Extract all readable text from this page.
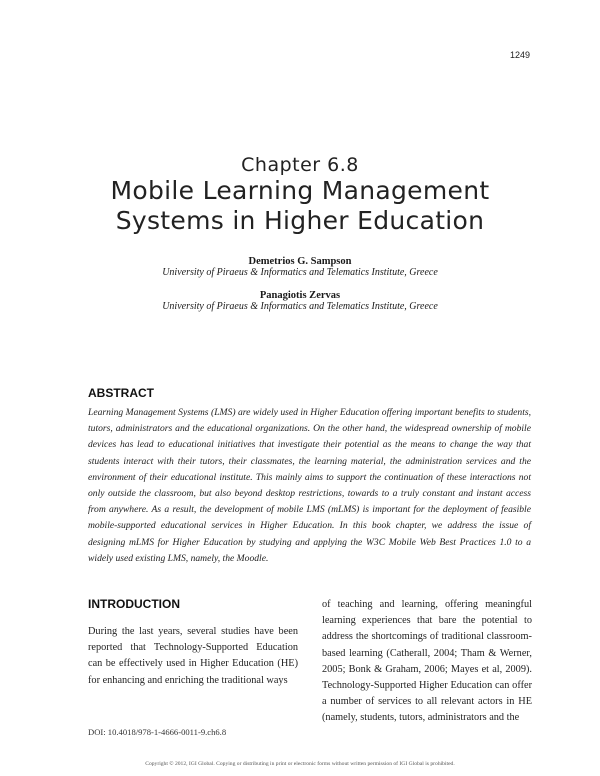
1249
Chapter 6.8
Mobile Learning Management
Systems in Higher Education
Demetrios G. Sampson
University of Piraeus & Informatics and Telematics Institute, Greece
Panagiotis Zervas
University of Piraeus & Informatics and Telematics Institute, Greece
ABSTRACT
Learning Management Systems (LMS) are widely used in Higher Education offering important benefits to students, tutors, administrators and the educational organizations. On the other hand, the widespread ownership of mobile devices has lead to educational initiatives that investigate their potential as the means to change the way that students interact with their tutors, their classmates, the learning material, the administration services and the environment of their educational institute. This mainly aims to support the continuation of these interactions not only outside the classroom, but also beyond desktop restrictions, towards to a truly constant and instant access from anywhere. As a result, the development of mobile LMS (mLMS) is important for the deployment of feasible mobile-supported educational services in Higher Education. In this book chapter, we address the issue of designing mLMS for Higher Education by studying and applying the W3C Mobile Web Best Practices 1.0 to a widely used existing LMS, namely, the Moodle.
INTRODUCTION
During the last years, several studies have been reported that Technology-Supported Education can be effectively used in Higher Education (HE) for enhancing and enriching the traditional ways
of teaching and learning, offering meaningful learning experiences that bare the potential to address the shortcomings of traditional classroom-based learning (Catherall, 2004; Tham & Werner, 2005; Bonk & Graham, 2006; Mayes et al, 2009). Technology-Supported Higher Education can offer a number of services to all relevant actors in HE (namely, students, tutors, administrators and the
DOI: 10.4018/978-1-4666-0011-9.ch6.8
Copyright © 2012, IGI Global. Copying or distributing in print or electronic forms without written permission of IGI Global is prohibited.
